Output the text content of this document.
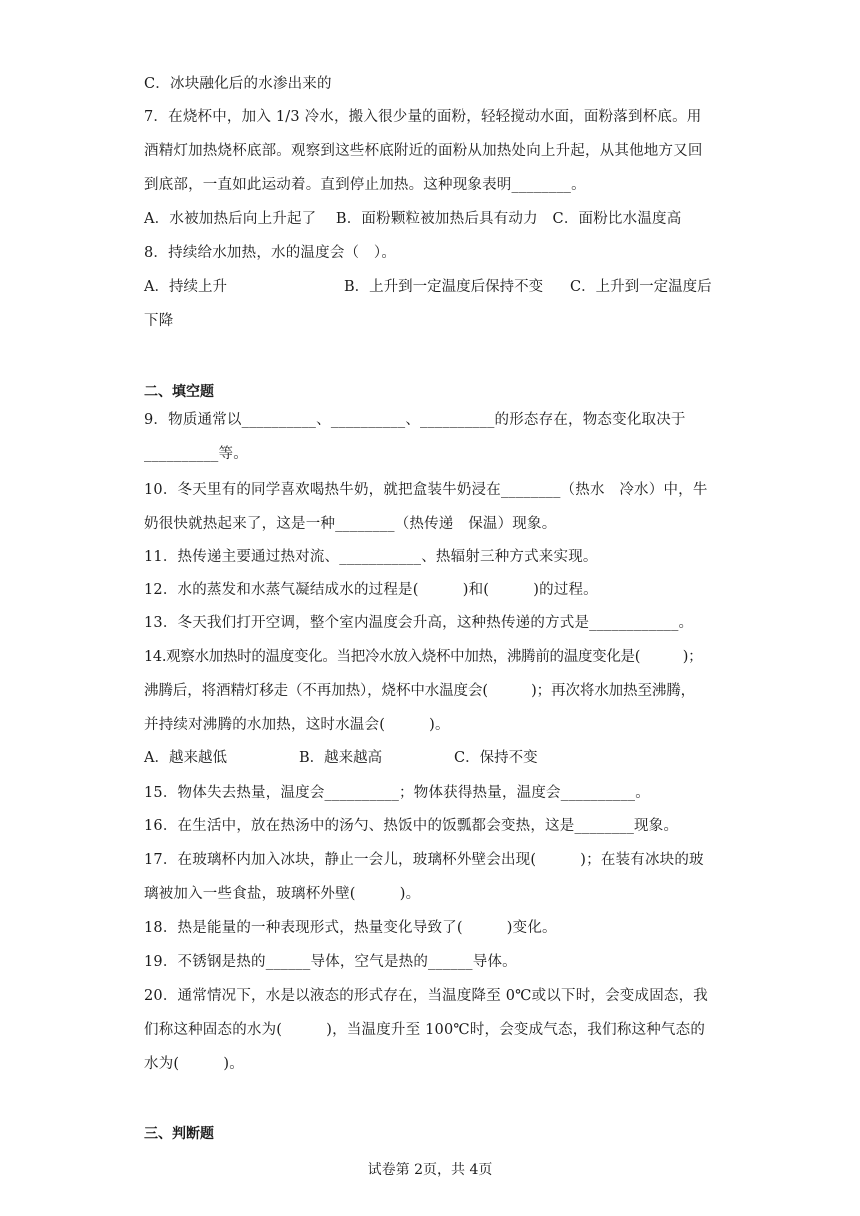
C．冰块融化后的水渗出来的
7．在烧杯中，加入 1/3 冷水，搬入很少量的面粉，轻轻搅动水面，面粉落到杯底。用
酒精灯加热烧杯底部。观察到这些杯底附近的面粉从加热处向上升起，从其他地方又回
到底部，一直如此运动着。直到停止加热。这种现象表明________。
A．水被加热后向上升起了　 B．面粉颗粒被加热后具有动力　C．面粉比水温度高
8．持续给水加热，水的温度会（　）。
A．持续上升	B．上升到一定温度后保持不变 C．上升到一定温度后
下降
二、填空题
9．物质通常以__________、__________、__________的形态存在，物态变化取决于
__________等。
10．冬天里有的同学喜欢喝热牛奶，就把盒装牛奶浸在________（热水　冷水）中，牛
奶很快就热起来了，这是一种________（热传递　保温）现象。
11．热传递主要通过热对流、___________、热辐射三种方式来实现。
12．水的蒸发和水蒸气凝结成水的过程是(　　　)和(　　　)的过程。
13．冬天我们打开空调，整个室内温度会升高，这种热传递的方式是____________。
14.观察水加热时的温度变化。当把冷水放入烧杯中加热，沸腾前的温度变化是(　　　)；
沸腾后，将酒精灯移走（不再加热），烧杯中水温度会(　　　)；再次将水加热至沸腾，
并持续对沸腾的水加热，这时水温会(　　　)。
A．越来越低	B．越来越高	C．保持不变
15．物体失去热量，温度会__________；物体获得热量，温度会__________。
16．在生活中，放在热汤中的汤勺、热饭中的饭瓢都会变热，这是________现象。
17．在玻璃杯内加入冰块，静止一会儿，玻璃杯外壁会出现(　　　)；在装有冰块的玻
璃被加入一些食盐，玻璃杯外壁(　　　)。
18．热是能量的一种表现形式，热量变化导致了(　　　)变化。
19．不锈钢是热的______导体，空气是热的______导体。
20．通常情况下，水是以液态的形式存在，当温度降至 0℃或以下时，会变成固态，我
们称这种固态的水为(　　　)，当温度升至 100℃时，会变成气态，我们称这种气态的
水为(　　　)。
三、判断题
试卷第 2页，共 4页
